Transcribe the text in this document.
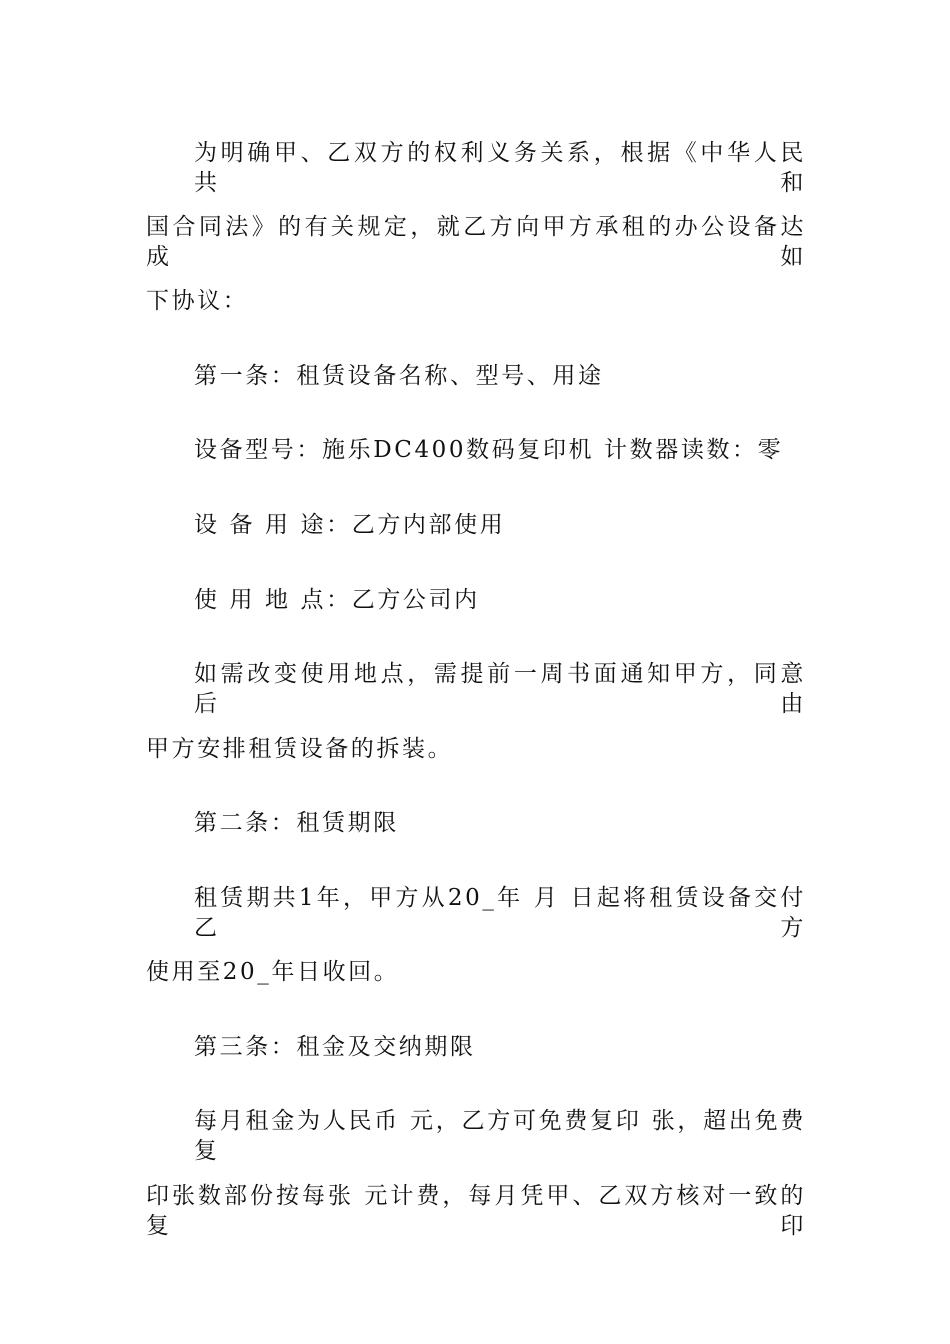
为明确甲、乙双方的权利义务关系，根据《中华人民共和
国合同法》的有关规定，就乙方向甲方承租的办公设备达成如
下协议：
第一条：租赁设备名称、型号、用途
设备型号：施乐DC400数码复印机 计数器读数：零
设 备 用 途：乙方内部使用
使 用 地 点：乙方公司内
如需改变使用地点，需提前一周书面通知甲方，同意后由
甲方安排租赁设备的拆装。
第二条：租赁期限
租赁期共1年，甲方从20_年 月 日起将租赁设备交付乙方
使用至20_年日收回。
第三条：租金及交纳期限
每月租金为人民币 元，乙方可免费复印 张，超出免费复
印张数部份按每张 元计费，每月凭甲、乙双方核对一致的复印
